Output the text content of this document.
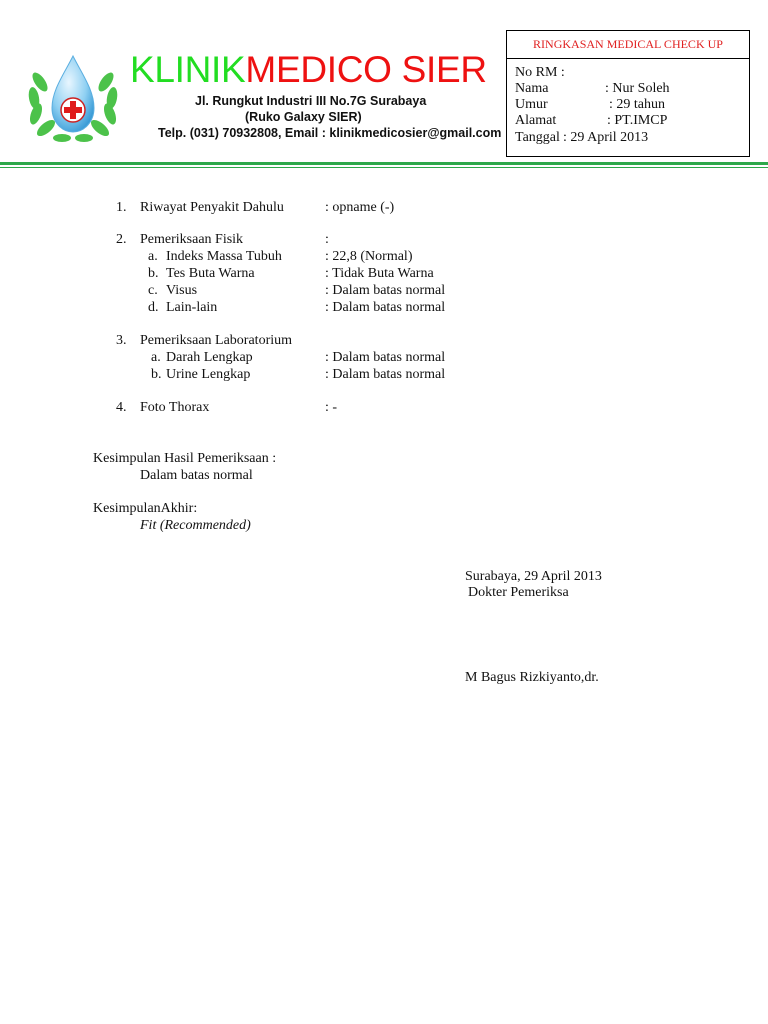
KLINIKMEDICO SIER
Jl. Rungkut Industri III No.7G Surabaya
(Ruko Galaxy SIER)
Telp. (031) 70932808, Email : klinikmedicosier@gmail.com
RINGKASAN MEDICAL CHECK UP
No RM :
Nama	: Nur Soleh
Umur	: 29 tahun
Alamat	: PT.IMCP
Tanggal : 29 April 2013
1. Riwayat Penyakit Dahulu	: opname (-)
2. Pemeriksaan Fisik	:
a. Indeks Massa Tubuh	: 22,8 (Normal)
b. Tes Buta Warna	: Tidak Buta Warna
c. Visus	: Dalam batas normal
d. Lain-lain	: Dalam batas normal
3. Pemeriksaan Laboratorium
a. Darah Lengkap	: Dalam batas normal
b. Urine Lengkap	: Dalam batas normal
4. Foto Thorax	: -
Kesimpulan Hasil Pemeriksaan :
Dalam batas normal
KesimpulanAkhir:
Fit (Recommended)
Surabaya, 29 April 2013
Dokter Pemeriksa
M Bagus Rizkiyanto,dr.
